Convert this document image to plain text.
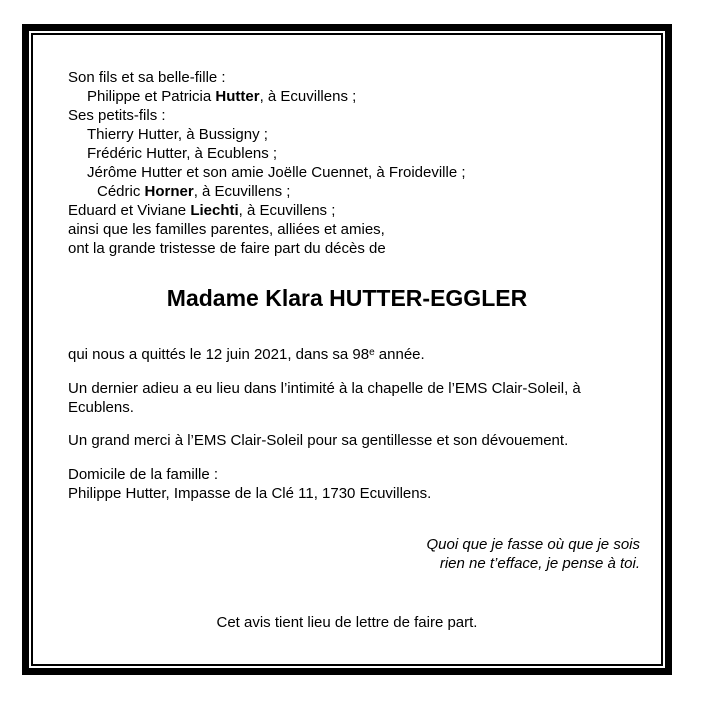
Son fils et sa belle-fille :
Philippe et Patricia Hutter, à Ecuvillens ;
Ses petits-fils :
Thierry Hutter, à Bussigny ;
Frédéric Hutter, à Ecublens ;
Jérôme Hutter et son amie Joëlle Cuennet, à Froideville ;
Cédric Horner, à Ecuvillens ;
Eduard et Viviane Liechti, à Ecuvillens ;
ainsi que les familles parentes, alliées et amies,
ont la grande tristesse de faire part du décès de
Madame Klara HUTTER-EGGLER
qui nous a quittés le 12 juin 2021, dans sa 98e année.
Un dernier adieu a eu lieu dans l’intimité à la chapelle de l’EMS Clair-Soleil, à
Ecublens.
Un grand merci à l’EMS Clair-Soleil pour sa gentillesse et son dévouement.
Domicile de la famille :
Philippe Hutter, Impasse de la Clé 11, 1730 Ecuvillens.
Quoi que je fasse où que je sois
rien ne t’efface, je pense à toi.
Cet avis tient lieu de lettre de faire part.
